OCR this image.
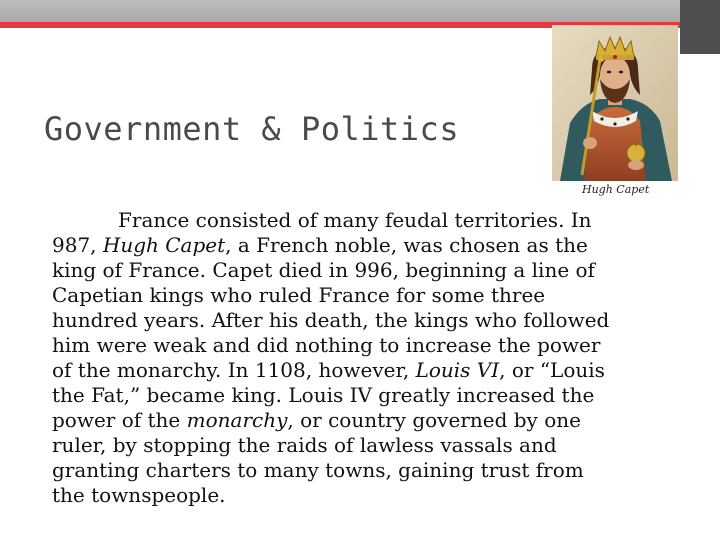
Government & Politics
Hugh Capet
France consisted of many feudal territories. In
987, Hugh Capet, a French noble, was chosen as the
king of France. Capet died in 996, beginning a line of
Capetian kings who ruled France for some three
hundred years. After his death, the kings who followed
him were weak and did nothing to increase the power
of the monarchy. In 1108, however, Louis VI, or “Louis
the Fat,” became king. Louis IV greatly increased the
power of the monarchy, or country governed by one
ruler, by stopping the raids of lawless vassals and
granting charters to many towns, gaining trust from
the townspeople.
